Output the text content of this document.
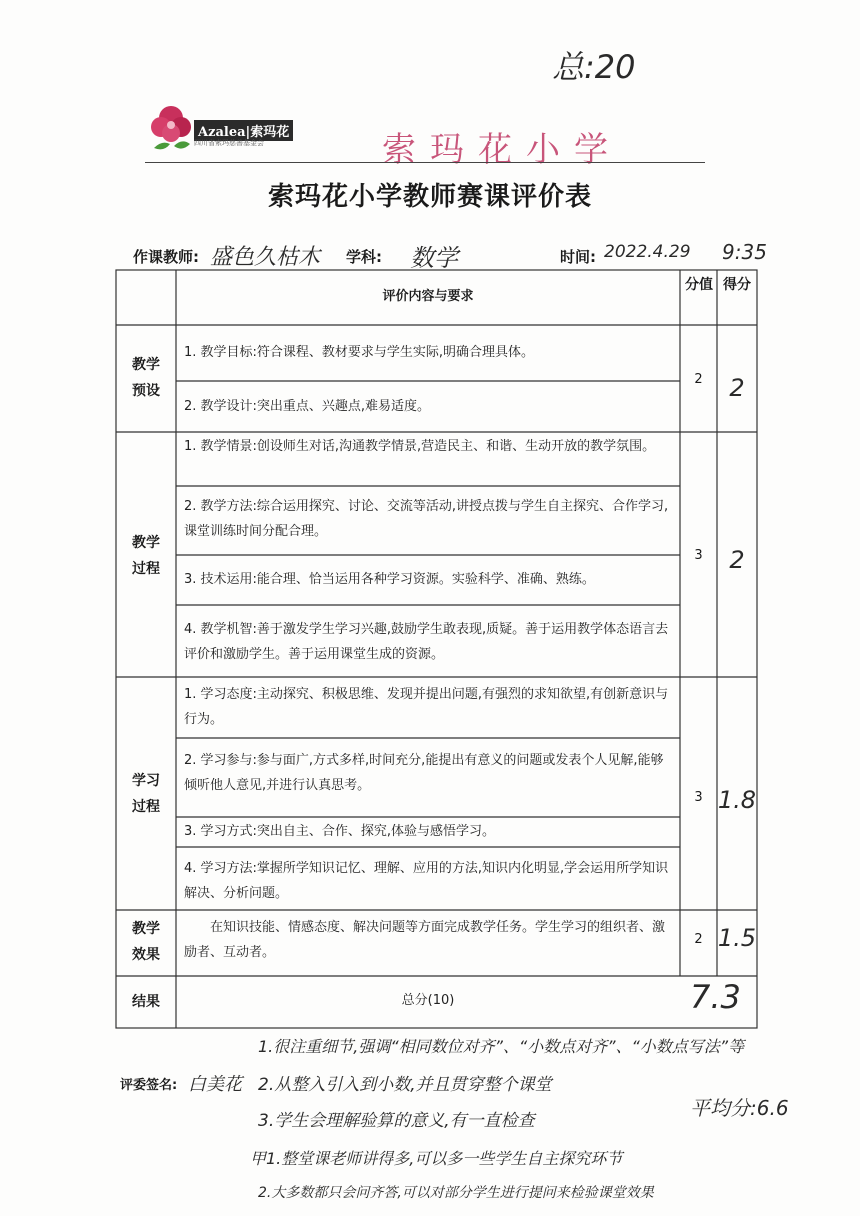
总:20
Azalea|索玛花
四川省索玛慈善基金会	索玛花小学
索玛花小学教师赛课评价表
作课教师: 盛色久枯木 学科: 数学	时间: 2022.4.29 9:35
评价内容与要求
分值 得分
教学预设
1. 教学目标:符合课程、教材要求与学生实际,明确合理具体。
2. 教学设计:突出重点、兴趣点,难易适度。
2	2
教学过程
1. 教学情景:创设师生对话,沟通教学情景,营造民主、和谐、生动开放的教学氛围。
2. 教学方法:综合运用探究、讨论、交流等活动,讲授点拨与学生自主探究、合作学习,课堂训练时间分配合理。
3. 技术运用:能合理、恰当运用各种学习资源。实验科学、准确、熟练。
4. 教学机智:善于激发学生学习兴趣,鼓励学生敢表现,质疑。善于运用教学体态语言去评价和激励学生。善于运用课堂生成的资源。
3	2
学习过程
1. 学习态度:主动探究、积极思维、发现并提出问题,有强烈的求知欲望,有创新意识与行为。
2. 学习参与:参与面广,方式多样,时间充分,能提出有意义的问题或发表个人见解,能够倾听他人意见,并进行认真思考。
3. 学习方式:突出自主、合作、探究,体验与感悟学习。
4. 学习方法:掌握所学知识记忆、理解、应用的方法,知识内化明显,学会运用所学知识解决、分析问题。
3 1.8
教学效果
在知识技能、情感态度、解决问题等方面完成教学任务。学生学习的组织者、激励者、互动者。
2 1.5
结果	总分(10)	7.3
评委签名: 白美花
平均分:6.6
1.很注重细节,强调“相同数位对齐”、“小数点对齐”、“小数点写法”等
2.从整入引入到小数,并且贯穿整个课堂
3.学生会理解验算的意义,有一直检查
甲1.整堂课老师讲得多,可以多一些学生自主探究环节
2.大多数都只会问齐答,可以对部分学生进行提问来检验课堂效果
